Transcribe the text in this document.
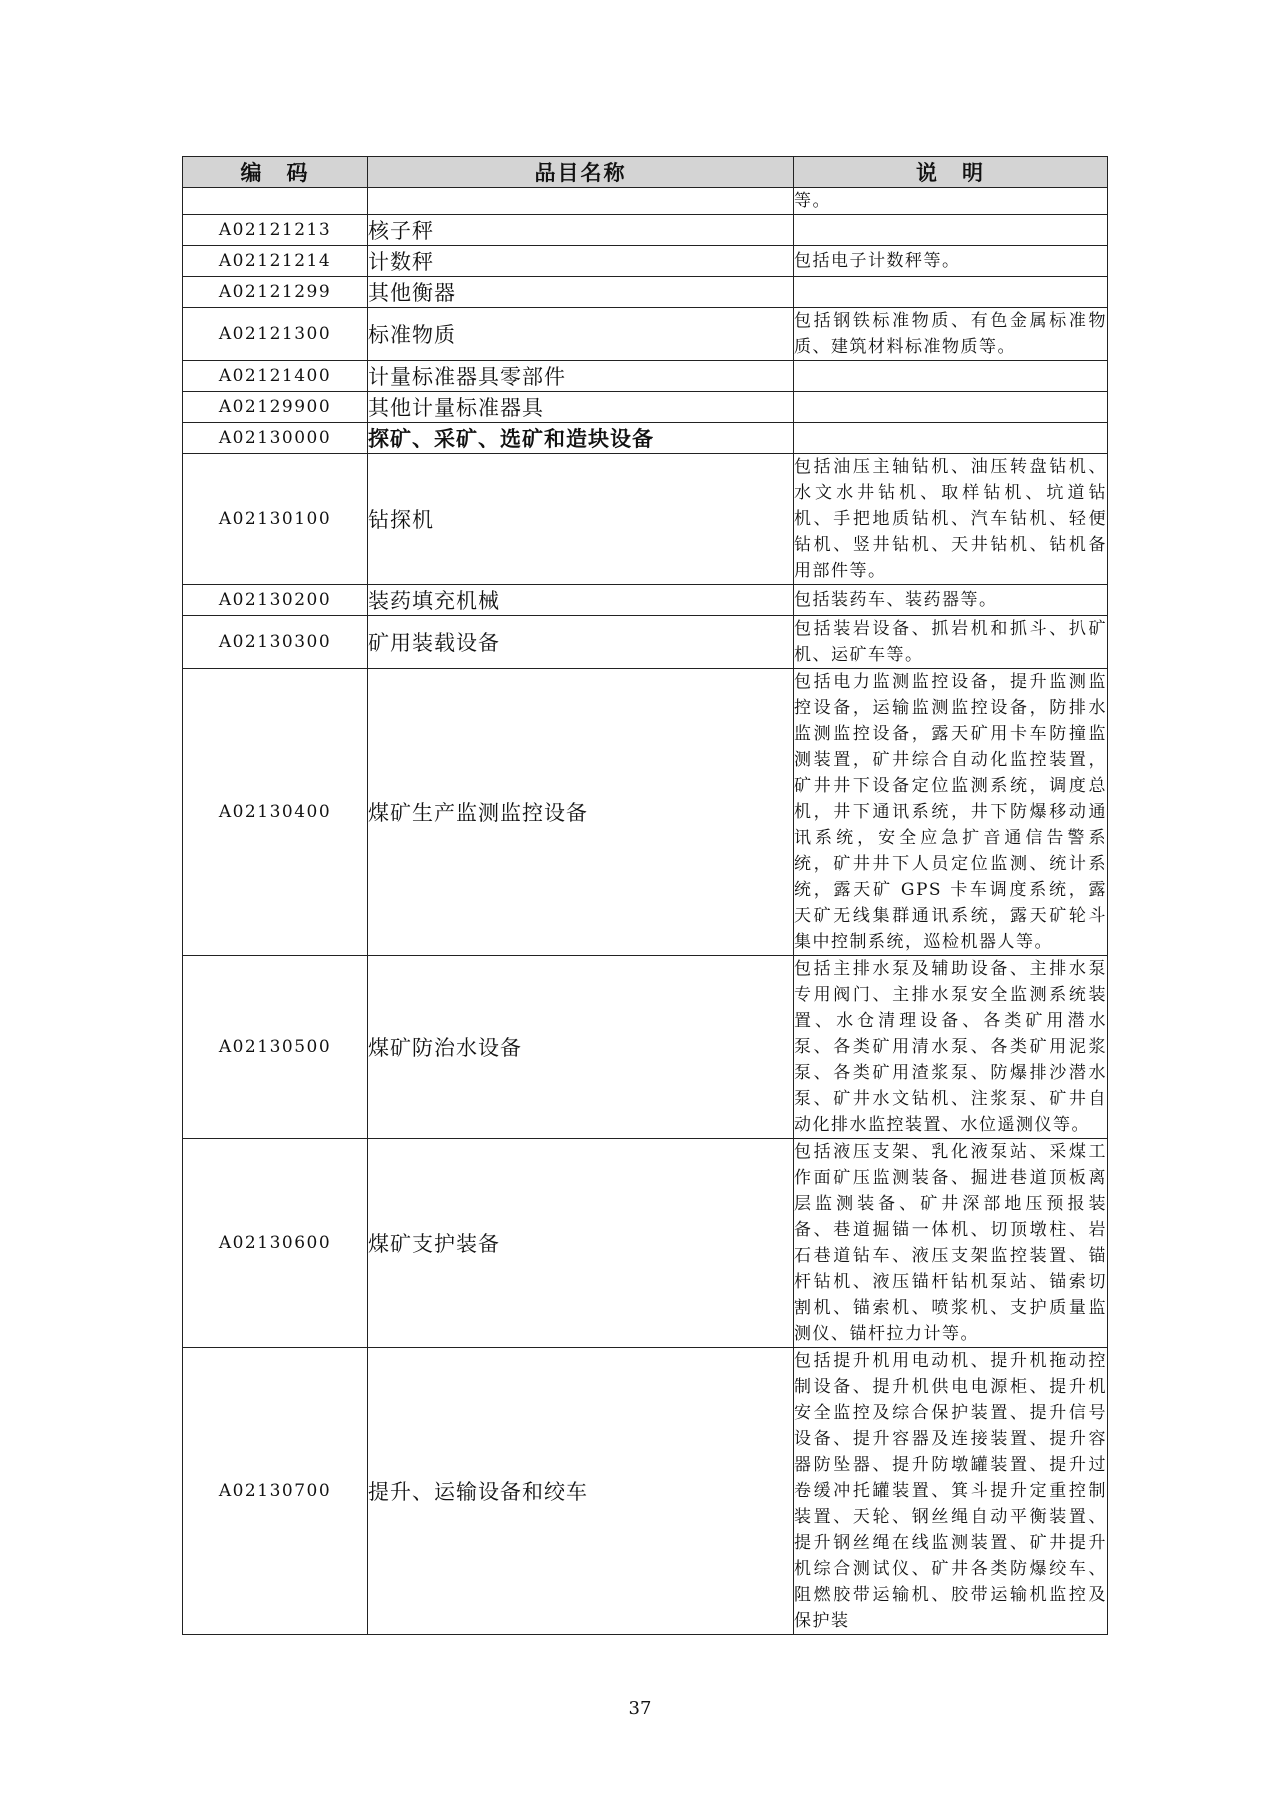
编　码	品目名称	说　明
		等。
A02121213	核子秤	
A02121214	计数秤	包括电子计数秤等。
A02121299	其他衡器	
A02121300	标准物质	包括钢铁标准物质、有色金属标准物质、建筑材料标准物质等。
A02121400	计量标准器具零部件	
A02129900	其他计量标准器具	
A02130000	探矿、采矿、选矿和造块设备	
A02130100	钻探机	包括油压主轴钻机、油压转盘钻机、水文水井钻机、取样钻机、坑道钻机、手把地质钻机、汽车钻机、轻便钻机、竖井钻机、天井钻机、钻机备用部件等。
A02130200	装药填充机械	包括装药车、装药器等。
A02130300	矿用装载设备	包括装岩设备、抓岩机和抓斗、扒矿机、运矿车等。
A02130400	煤矿生产监测监控设备	包括电力监测监控设备，提升监测监控设备，运输监测监控设备，防排水监测监控设备，露天矿用卡车防撞监测装置，矿井综合自动化监控装置，矿井井下设备定位监测系统，调度总机，井下通讯系统，井下防爆移动通讯系统，安全应急扩音通信告警系统，矿井井下人员定位监测、统计系统，露天矿 GPS 卡车调度系统，露天矿无线集群通讯系统，露天矿轮斗集中控制系统，巡检机器人等。
A02130500	煤矿防治水设备	包括主排水泵及辅助设备、主排水泵专用阀门、主排水泵安全监测系统装置、水仓清理设备、各类矿用潜水泵、各类矿用清水泵、各类矿用泥浆泵、各类矿用渣浆泵、防爆排沙潜水泵、矿井水文钻机、注浆泵、矿井自动化排水监控装置、水位遥测仪等。
A02130600	煤矿支护装备	包括液压支架、乳化液泵站、采煤工作面矿压监测装备、掘进巷道顶板离层监测装备、矿井深部地压预报装备、巷道掘锚一体机、切顶墩柱、岩石巷道钻车、液压支架监控装置、锚杆钻机、液压锚杆钻机泵站、锚索切割机、锚索机、喷浆机、支护质量监测仪、锚杆拉力计等。
A02130700	提升、运输设备和绞车	包括提升机用电动机、提升机拖动控制设备、提升机供电电源柜、提升机安全监控及综合保护装置、提升信号设备、提升容器及连接装置、提升容器防坠器、提升防墩罐装置、提升过卷缓冲托罐装置、箕斗提升定重控制装置、天轮、钢丝绳自动平衡装置、提升钢丝绳在线监测装置、矿井提升机综合测试仪、矿井各类防爆绞车、阻燃胶带运输机、胶带运输机监控及保护装
37
